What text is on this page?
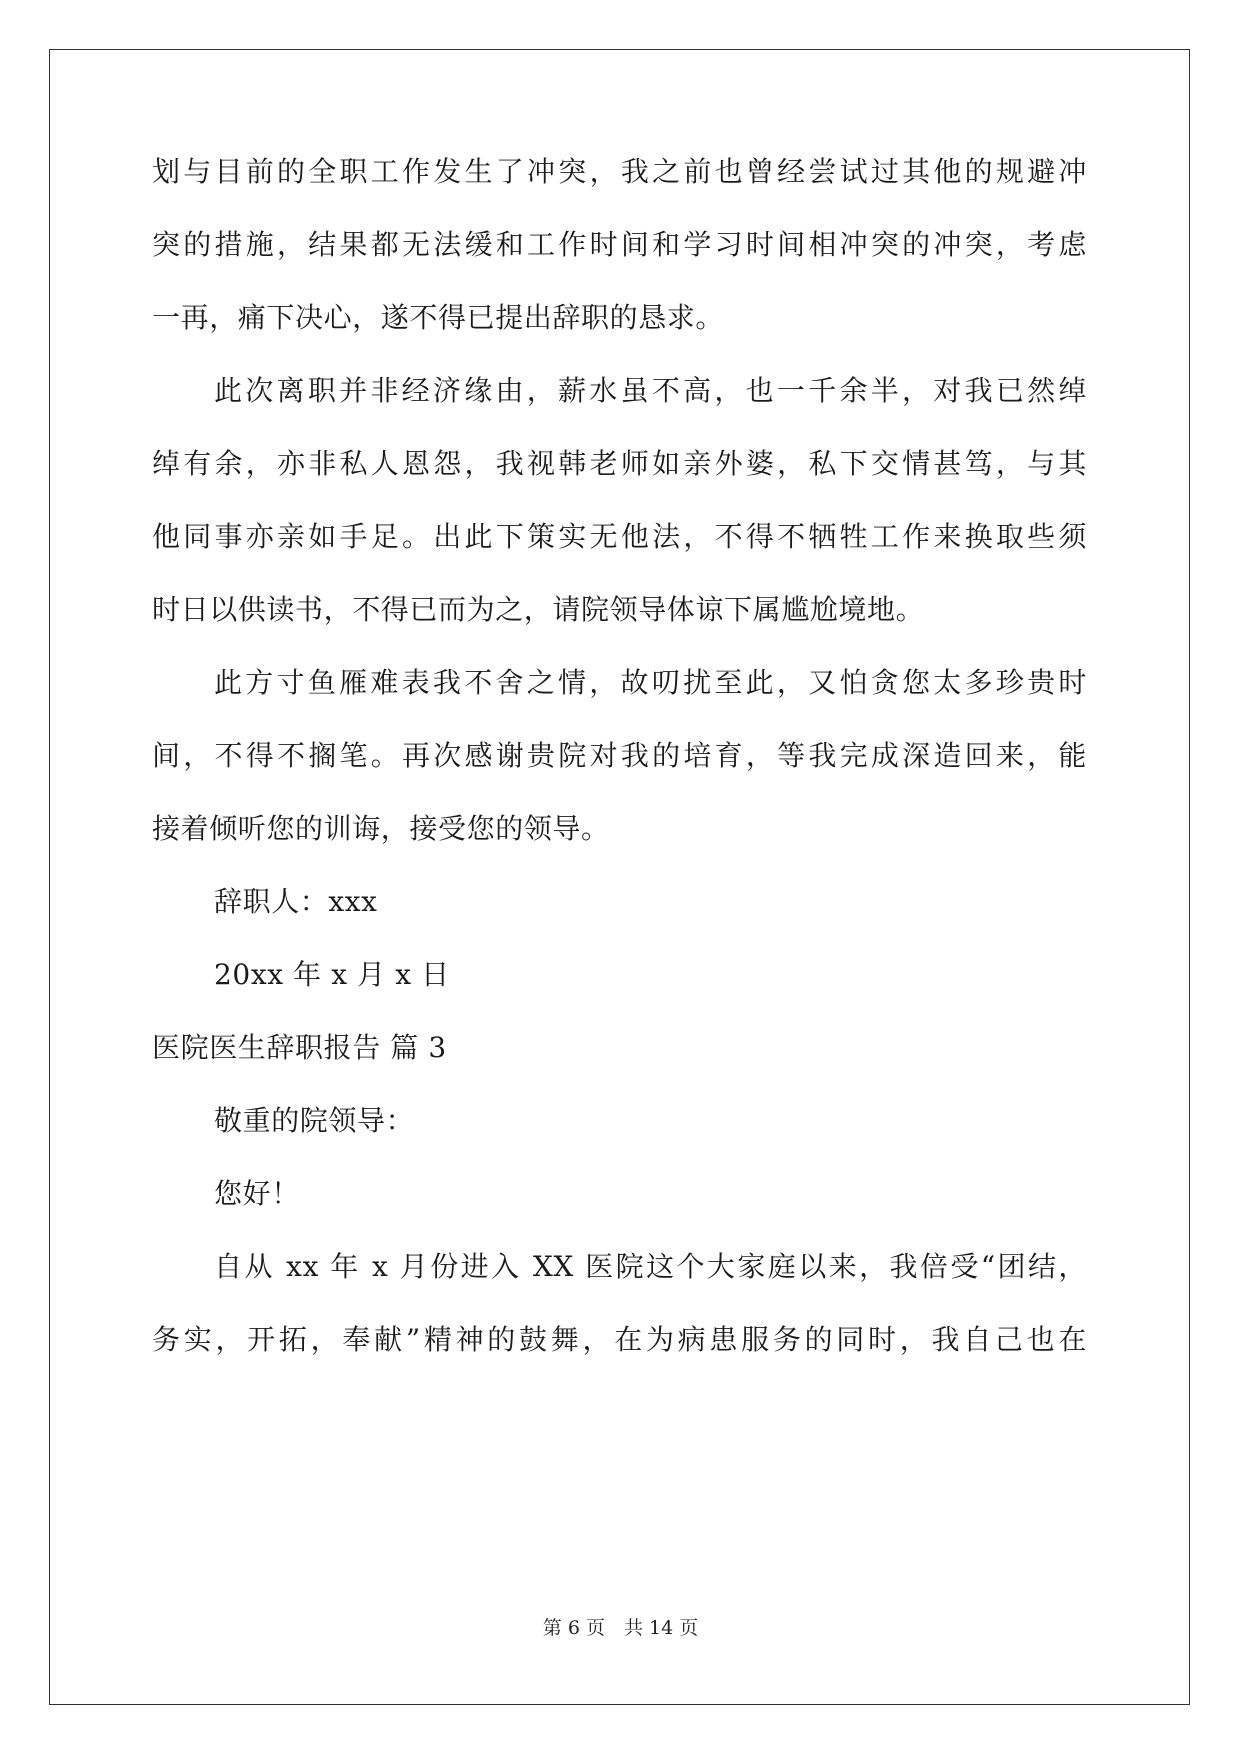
划与目前的全职工作发生了冲突，我之前也曾经尝试过其他的规避冲
突的措施，结果都无法缓和工作时间和学习时间相冲突的冲突，考虑
一再，痛下决心，遂不得已提出辞职的恳求。
此次离职并非经济缘由，薪水虽不高，也一千余半，对我已然绰
绰有余，亦非私人恩怨，我视韩老师如亲外婆，私下交情甚笃，与其
他同事亦亲如手足。出此下策实无他法，不得不牺牲工作来换取些须
时日以供读书，不得已而为之，请院领导体谅下属尴尬境地。
此方寸鱼雁难表我不舍之情，故叨扰至此，又怕贪您太多珍贵时
间，不得不搁笔。再次感谢贵院对我的培育，等我完成深造回来，能
接着倾听您的训诲，接受您的领导。
辞职人：xxx
20xx 年 x 月 x 日
医院医生辞职报告 篇 3
敬重的院领导：
您好！
自从 xx 年 x 月份进入 XX 医院这个大家庭以来，我倍受“团结，
务实，开拓，奉献”精神的鼓舞，在为病患服务的同时，我自己也在
第 6 页　共 14 页
